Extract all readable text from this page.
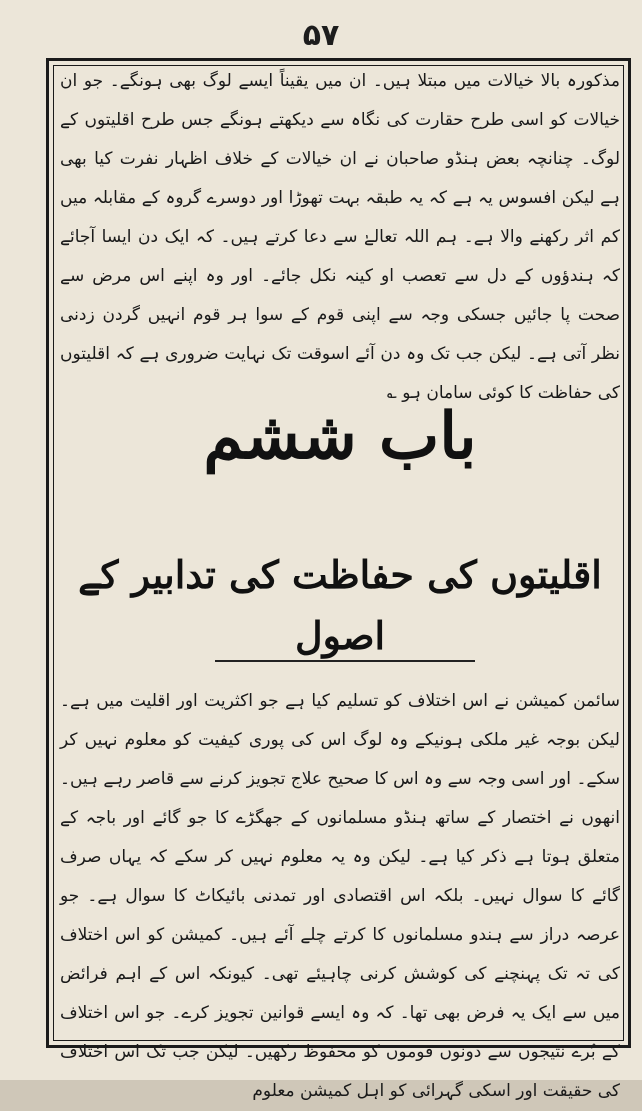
۵۷

مذکورہ بالا خیالات میں مبتلا ہیں۔ ان میں یقیناً ایسے لوگ بھی ہونگے۔ جو ان خیالات کو اسی طرح حقارت کی نگاہ سے دیکھتے ہونگے جس طرح اقلیتوں کے لوگ۔ چنانچہ بعض ہنڈو صاحبان نے ان خیالات کے خلاف اظہار نفرت کیا بھی ہے لیکن افسوس یہ ہے کہ یہ طبقہ بہت تھوڑا اور دوسرے گروہ کے مقابلہ میں کم اثر رکھنے والا ہے۔ ہم اللہ تعالےٰ سے دعا کرتے ہیں۔ کہ ایک دن ایسا آجائے کہ ہندؤوں کے دل سے تعصب او کینہ نکل جائے۔ اور وہ اپنے اس مرض سے صحت پا جائیں جسکی وجہ سے اپنی قوم کے سوا ہر قوم انہیں گردن زدنی نظر آتی ہے۔ لیکن جب تک وہ دن آئے اسوقت تک نہایت ضروری ہے کہ اقلیتوں کی حفاظت کا کوئی سامان ہو ؎

باب ششم
اقلیتوں کی حفاظت کی تدابیر کے اصول

سائمن کمیشن نے اس اختلاف کو تسلیم کیا ہے جو اکثریت اور اقلیت میں ہے۔ لیکن بوجہ غیر ملکی ہونیکے وہ لوگ اس کی پوری کیفیت کو معلوم نہیں کر سکے۔ اور اسی وجہ سے وہ اس کا صحیح علاج تجویز کرنے سے قاصر رہے ہیں۔ انھوں نے اختصار کے ساتھ ہنڈو مسلمانوں کے جھگڑے کا جو گائے اور باجہ کے متعلق ہوتا ہے ذکر کیا ہے۔ لیکن وہ یہ معلوم نہیں کر سکے کہ یہاں صرف گائے کا سوال نہیں۔ بلکہ اس اقتصادی اور تمدنی بائیکاٹ کا سوال ہے۔ جو عرصہ دراز سے ہندو مسلمانوں کا کرتے چلے آئے ہیں۔ کمیشن کو اس اختلاف کی تہ تک پہنچنے کی کوشش کرنی چاہیئے تھی۔ کیونکہ اس کے اہم فرائض میں سے ایک یہ فرض بھی تھا۔ کہ وہ ایسے قوانین تجویز کرے۔ جو اس اختلاف کے بُرے نتیجوں سے دونوں قوموں کو محفوظ رکھیں۔ لیکن جب تک اس اختلاف کی حقیقت اور اسکی گہرائی کو اہل کمیشن معلوم
